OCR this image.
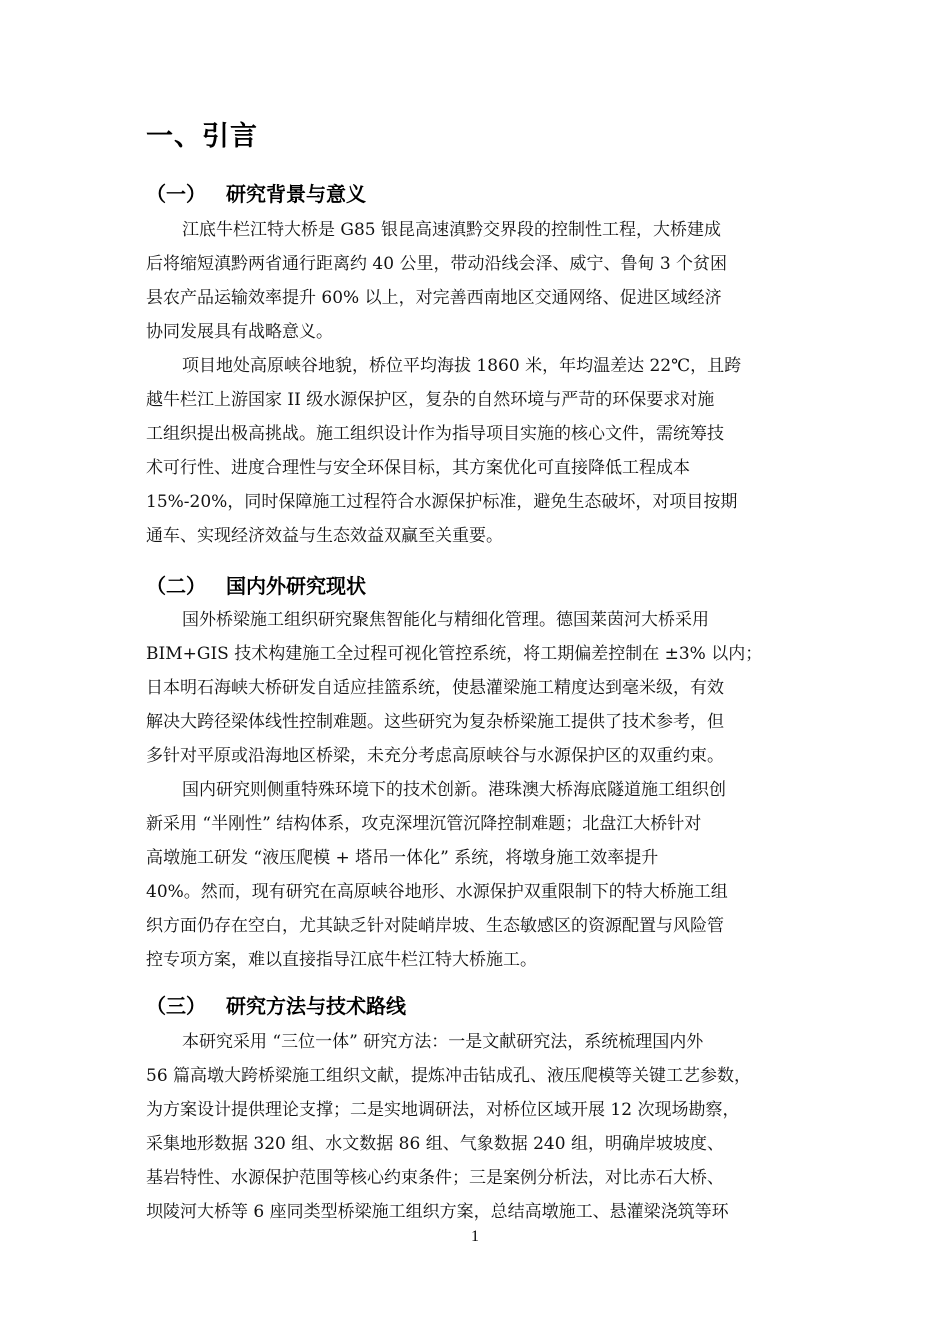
一、引言
（一） 研究背景与意义
江底牛栏江特大桥是 G85 银昆高速滇黔交界段的控制性工程，大桥建成
后将缩短滇黔两省通行距离约 40 公里，带动沿线会泽、威宁、鲁甸 3 个贫困
县农产品运输效率提升 60% 以上，对完善西南地区交通网络、促进区域经济
协同发展具有战略意义。
项目地处高原峡谷地貌，桥位平均海拔 1860 米，年均温差达 22℃，且跨
越牛栏江上游国家 II 级水源保护区，复杂的自然环境与严苛的环保要求对施
工组织提出极高挑战。施工组织设计作为指导项目实施的核心文件，需统筹技
术可行性、进度合理性与安全环保目标，其方案优化可直接降低工程成本
15%-20%，同时保障施工过程符合水源保护标准，避免生态破坏，对项目按期
通车、实现经济效益与生态效益双赢至关重要。
（二） 国内外研究现状
国外桥梁施工组织研究聚焦智能化与精细化管理。德国莱茵河大桥采用
BIM+GIS 技术构建施工全过程可视化管控系统，将工期偏差控制在 ±3% 以内；
日本明石海峡大桥研发自适应挂篮系统，使悬灌梁施工精度达到毫米级，有效
解决大跨径梁体线性控制难题。这些研究为复杂桥梁施工提供了技术参考，但
多针对平原或沿海地区桥梁，未充分考虑高原峡谷与水源保护区的双重约束。
国内研究则侧重特殊环境下的技术创新。港珠澳大桥海底隧道施工组织创
新采用 “半刚性” 结构体系，攻克深埋沉管沉降控制难题；北盘江大桥针对
高墩施工研发 “液压爬模 + 塔吊一体化” 系统，将墩身施工效率提升
40%。然而，现有研究在高原峡谷地形、水源保护双重限制下的特大桥施工组
织方面仍存在空白，尤其缺乏针对陡峭岸坡、生态敏感区的资源配置与风险管
控专项方案，难以直接指导江底牛栏江特大桥施工。
（三） 研究方法与技术路线
本研究采用 “三位一体” 研究方法：一是文献研究法，系统梳理国内外
56 篇高墩大跨桥梁施工组织文献，提炼冲击钻成孔、液压爬模等关键工艺参数，
为方案设计提供理论支撑；二是实地调研法，对桥位区域开展 12 次现场勘察，
采集地形数据 320 组、水文数据 86 组、气象数据 240 组，明确岸坡坡度、
基岩特性、水源保护范围等核心约束条件；三是案例分析法，对比赤石大桥、
坝陵河大桥等 6 座同类型桥梁施工组织方案，总结高墩施工、悬灌梁浇筑等环
1
